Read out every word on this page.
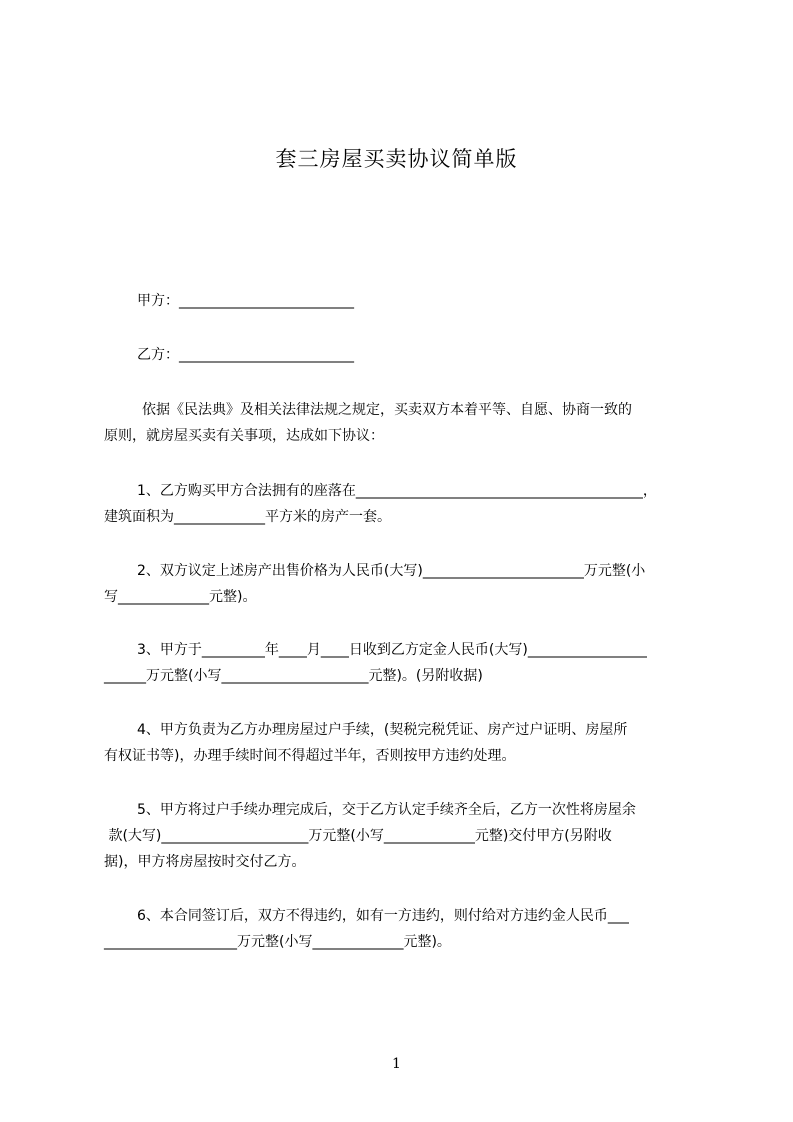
套三房屋买卖协议简单版

甲方：_________________________

乙方：_________________________

依据《民法典》及相关法律法规之规定，买卖双方本着平等、自愿、协商一致的

原则，就房屋买卖有关事项，达成如下协议：

1、乙方购买甲方合法拥有的座落在_________________________________________，

建筑面积为_____________平方米的房产一套。

2、双方议定上述房产出售价格为人民币(大写)_______________________万元整(小

写_____________元整)。

3、甲方于_________年____月____日收到乙方定金人民币(大写)_________________

______万元整(小写_____________________元整)。(另附收据)

4、甲方负责为乙方办理房屋过户手续，(契税完税凭证、房产过户证明、房屋所

有权证书等)，办理手续时间不得超过半年，否则按甲方违约处理。

5、甲方将过户手续办理完成后，交于乙方认定手续齐全后，乙方一次性将房屋余

款(大写)_____________________万元整(小写_____________元整)交付甲方(另附收

据)，甲方将房屋按时交付乙方。

6、本合同签订后，双方不得违约，如有一方违约，则付给对方违约金人民币___

___________________万元整(小写_____________元整)。

1
